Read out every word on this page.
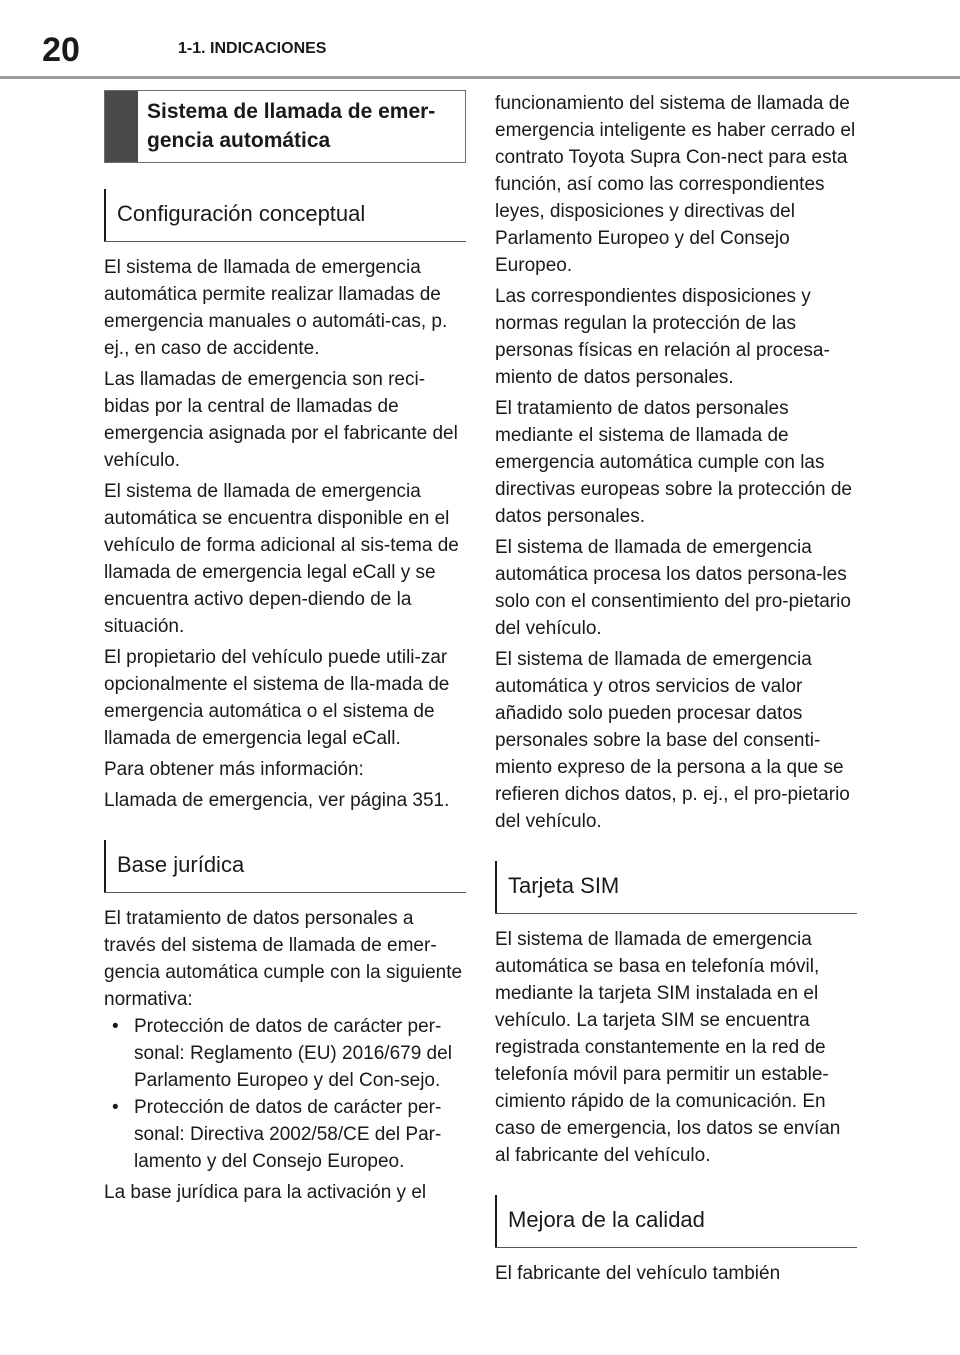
20	1-1. INDICACIONES
Sistema de llamada de emer-
gencia automática
Configuración conceptual

El sistema de llamada de emergencia automática permite realizar llamadas de emergencia manuales o automáti-cas, p. ej., en caso de accidente.

Las llamadas de emergencia son reci-bidas por la central de llamadas de emergencia asignada por el fabricante del vehículo.

El sistema de llamada de emergencia automática se encuentra disponible en el vehículo de forma adicional al sis-tema de llamada de emergencia legal eCall y se encuentra activo depen-diendo de la situación.

El propietario del vehículo puede utili-zar opcionalmente el sistema de lla-mada de emergencia automática o el sistema de llamada de emergencia legal eCall.

Para obtener más información:

Llamada de emergencia, ver página 351.

Base jurídica

El tratamiento de datos personales a través del sistema de llamada de emer-gencia automática cumple con la siguiente normativa:

• Protección de datos de carácter per-sonal: Reglamento (EU) 2016/679 del Parlamento Europeo y del Con-sejo.
• Protección de datos de carácter per-sonal: Directiva 2002/58/CE del Par-lamento y del Consejo Europeo.

La base jurídica para la activación y el

funcionamiento del sistema de llamada de emergencia inteligente es haber cerrado el contrato Toyota Supra Con-nect para esta función, así como las correspondientes leyes, disposiciones y directivas del Parlamento Europeo y del Consejo Europeo.

Las correspondientes disposiciones y normas regulan la protección de las personas físicas en relación al procesa-miento de datos personales.

El tratamiento de datos personales mediante el sistema de llamada de emergencia automática cumple con las directivas europeas sobre la protección de datos personales.

El sistema de llamada de emergencia automática procesa los datos persona-les solo con el consentimiento del pro-pietario del vehículo.

El sistema de llamada de emergencia automática y otros servicios de valor añadido solo pueden procesar datos personales sobre la base del consenti-miento expreso de la persona a la que se refieren dichos datos, p. ej., el pro-pietario del vehículo.

Tarjeta SIM

El sistema de llamada de emergencia automática se basa en telefonía móvil, mediante la tarjeta SIM instalada en el vehículo. La tarjeta SIM se encuentra registrada constantemente en la red de telefonía móvil para permitir un estable-cimiento rápido de la comunicación. En caso de emergencia, los datos se envían al fabricante del vehículo.

Mejora de la calidad

El fabricante del vehículo también
